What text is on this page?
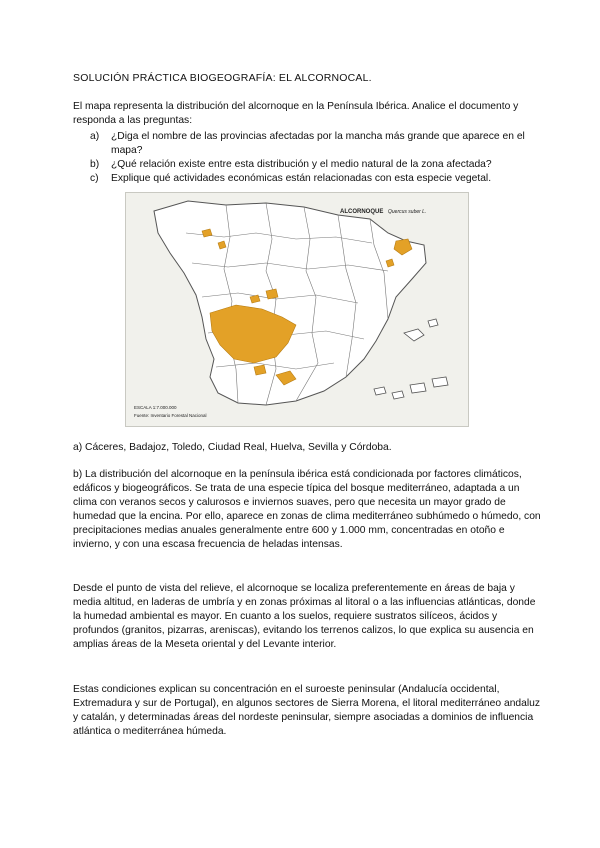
SOLUCIÓN PRÁCTICA BIOGEOGRAFÍA: EL ALCORNOCAL.
El mapa representa la distribución del alcornoque en la Península Ibérica. Analice el documento y responda a las preguntas:
a) ¿Diga el nombre de las provincias afectadas por la mancha más grande que aparece en el mapa?
b) ¿Qué relación existe entre esta distribución y el medio natural de la zona afectada?
c) Explique qué actividades económicas están relacionadas con esta especie vegetal.
ALCORNOQUE Quercus suber L.
ESCALA 1:7.000.000
Fuente: Inventario Forestal Nacional
a) Cáceres, Badajoz, Toledo, Ciudad Real, Huelva, Sevilla y Córdoba.
b) La distribución del alcornoque en la península ibérica está condicionada por factores climáticos, edáficos y biogeográficos. Se trata de una especie típica del bosque mediterráneo, adaptada a un clima con veranos secos y calurosos e inviernos suaves, pero que necesita un mayor grado de humedad que la encina. Por ello, aparece en zonas de clima mediterráneo subhúmedo o húmedo, con precipitaciones medias anuales generalmente entre 600 y 1.000 mm, concentradas en otoño e invierno, y con una escasa frecuencia de heladas intensas.
Desde el punto de vista del relieve, el alcornoque se localiza preferentemente en áreas de baja y media altitud, en laderas de umbría y en zonas próximas al litoral o a las influencias atlánticas, donde la humedad ambiental es mayor. En cuanto a los suelos, requiere sustratos silíceos, ácidos y profundos (granitos, pizarras, areniscas), evitando los terrenos calizos, lo que explica su ausencia en amplias áreas de la Meseta oriental y del Levante interior.
Estas condiciones explican su concentración en el suroeste peninsular (Andalucía occidental, Extremadura y sur de Portugal), en algunos sectores de Sierra Morena, el litoral mediterráneo andaluz y catalán, y determinadas áreas del nordeste peninsular, siempre asociadas a dominios de influencia atlántica o mediterránea húmeda.
